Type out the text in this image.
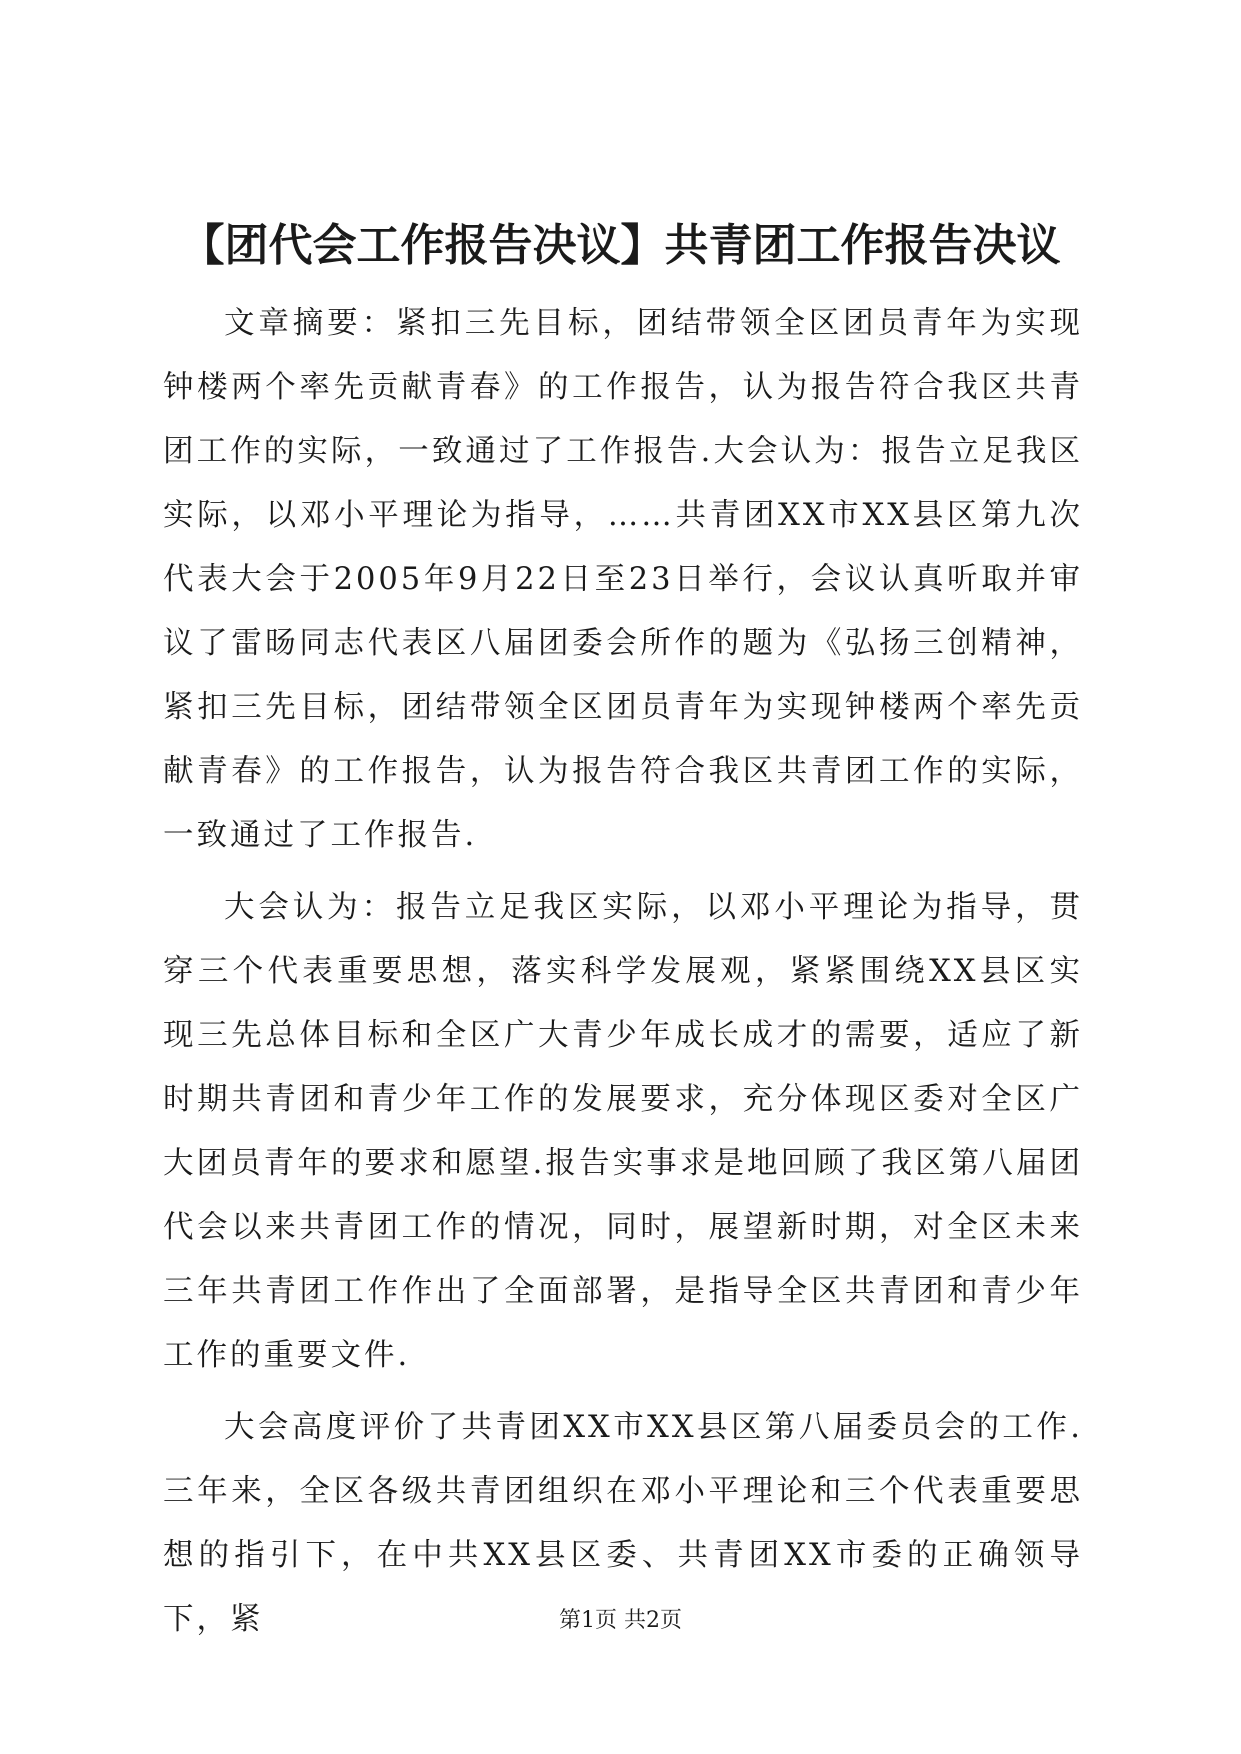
【团代会工作报告决议】共青团工作报告决议

文章摘要：紧扣三先目标，团结带领全区团员青年为实现钟楼两个率先贡献青春》的工作报告，认为报告符合我区共青团工作的实际，一致通过了工作报告.大会认为：报告立足我区实际，以邓小平理论为指导，……共青团XX市XX县区第九次代表大会于2005年9月22日至23日举行，会议认真听取并审议了雷旸同志代表区八届团委会所作的题为《弘扬三创精神，紧扣三先目标，团结带领全区团员青年为实现钟楼两个率先贡献青春》的工作报告，认为报告符合我区共青团工作的实际，一致通过了工作报告.

大会认为：报告立足我区实际，以邓小平理论为指导，贯穿三个代表重要思想，落实科学发展观，紧紧围绕XX县区实现三先总体目标和全区广大青少年成长成才的需要，适应了新时期共青团和青少年工作的发展要求，充分体现区委对全区广大团员青年的要求和愿望.报告实事求是地回顾了我区第八届团代会以来共青团工作的情况，同时，展望新时期，对全区未来三年共青团工作作出了全面部署，是指导全区共青团和青少年工作的重要文件.

大会高度评价了共青团XX市XX县区第八届委员会的工作.三年来，全区各级共青团组织在邓小平理论和三个代表重要思想的指引下，在中共XX县区委、共青团XX市委的正确领导下，紧	第1页 共2页
